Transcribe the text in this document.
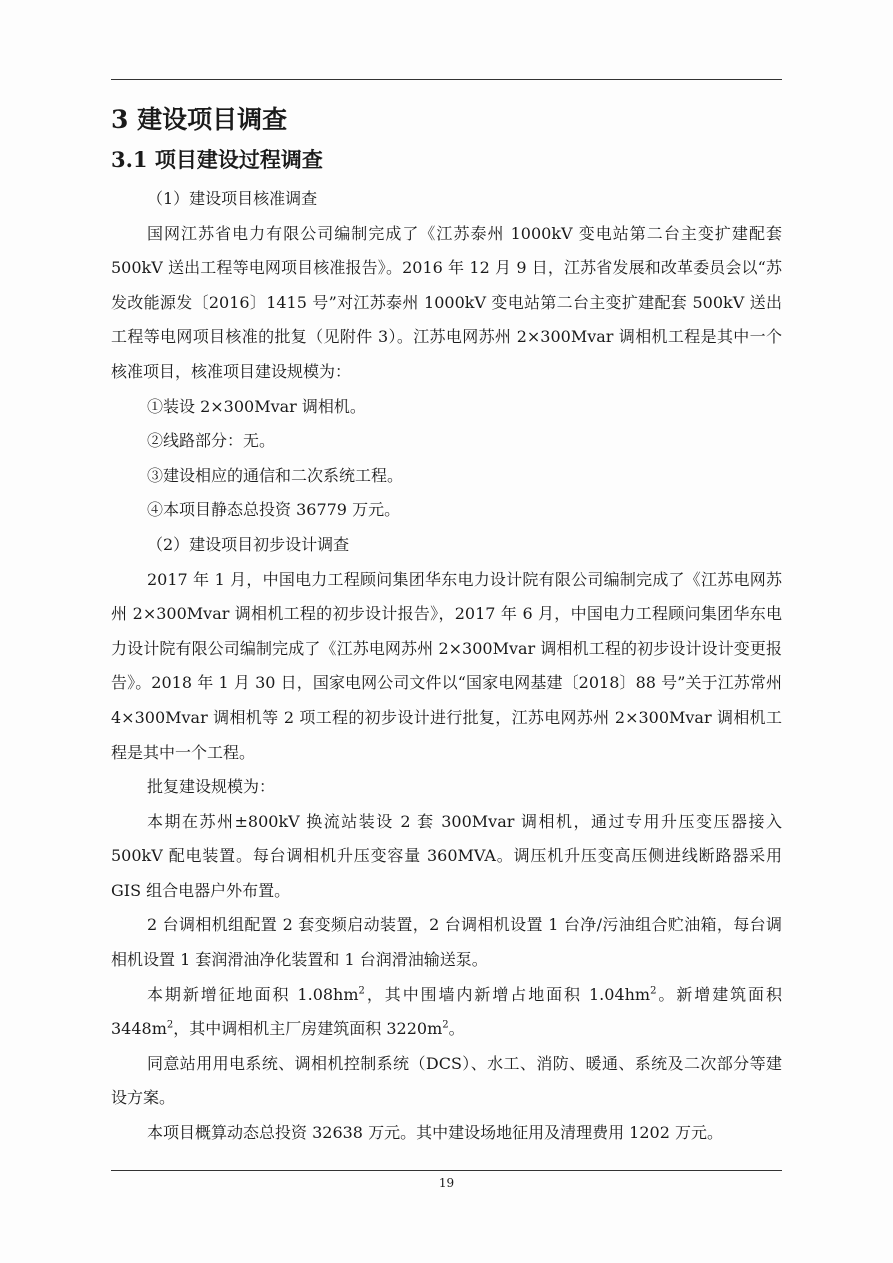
3 建设项目调查
3.1 项目建设过程调查

（1）建设项目核准调查

国网江苏省电力有限公司编制完成了《江苏泰州 1000kV 变电站第二台主变扩建配套 500kV 送出工程等电网项目核准报告》。2016 年 12 月 9 日，江苏省发展和改革委员会以“苏发改能源发〔2016〕1415 号”对江苏泰州 1000kV 变电站第二台主变扩建配套 500kV 送出工程等电网项目核准的批复（见附件 3）。江苏电网苏州 2×300Mvar 调相机工程是其中一个核准项目，核准项目建设规模为：

①装设 2×300Mvar 调相机。

②线路部分：无。

③建设相应的通信和二次系统工程。

④本项目静态总投资 36779 万元。

（2）建设项目初步设计调查

2017 年 1 月，中国电力工程顾问集团华东电力设计院有限公司编制完成了《江苏电网苏州 2×300Mvar 调相机工程的初步设计报告》，2017 年 6 月，中国电力工程顾问集团华东电力设计院有限公司编制完成了《江苏电网苏州 2×300Mvar 调相机工程的初步设计设计变更报告》。2018 年 1 月 30 日，国家电网公司文件以“国家电网基建〔2018〕88 号”关于江苏常州 4×300Mvar 调相机等 2 项工程的初步设计进行批复，江苏电网苏州 2×300Mvar 调相机工程是其中一个工程。

批复建设规模为：

本期在苏州±800kV 换流站装设 2 套 300Mvar 调相机，通过专用升压变压器接入 500kV 配电装置。每台调相机升压变容量 360MVA。调压机升压变高压侧进线断路器采用 GIS 组合电器户外布置。

2 台调相机组配置 2 套变频启动装置，2 台调相机设置 1 台净/污油组合贮油箱，每台调相机设置 1 套润滑油净化装置和 1 台润滑油输送泵。

本期新增征地面积 $1.08hm^2$，其中围墙内新增占地面积 $1.04hm^2$。新增建筑面积 $3448m^2$，其中调相机主厂房建筑面积 $3220m^2$。

同意站用用电系统、调相机控制系统（DCS）、水工、消防、暖通、系统及二次部分等建设方案。

本项目概算动态总投资 32638 万元。其中建设场地征用及清理费用 1202 万元。

19
